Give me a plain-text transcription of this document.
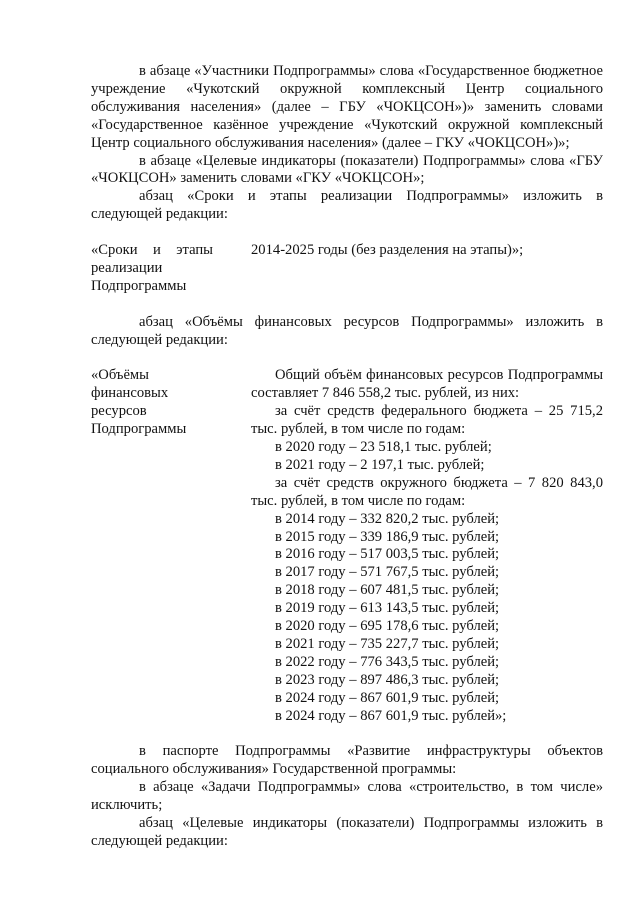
в абзаце «Участники Подпрограммы» слова «Государственное бюджетное учреждение «Чукотский окружной комплексный Центр социального обслуживания населения» (далее – ГБУ «ЧОКЦСОН»)» заменить словами «Государственное казённое учреждение «Чукотский окружной комплексный Центр социального обслуживания населения» (далее – ГКУ «ЧОКЦСОН»)»;

в абзаце «Целевые индикаторы (показатели) Подпрограммы» слова «ГБУ «ЧОКЦСОН» заменить словами «ГКУ «ЧОКЦСОН»;

абзац «Сроки и этапы реализации Подпрограммы» изложить в следующей редакции:

«Сроки и этапы
реализации
Подпрограммы
2014-2025 годы (без разделения на этапы)»;

абзац «Объёмы финансовых ресурсов Подпрограммы» изложить в следующей редакции:

«Объёмы
финансовых
ресурсов
Подпрограммы
Общий объём финансовых ресурсов Подпрограммы составляет 7 846 558,2 тыс. рублей, из них:
за счёт средств федерального бюджета – 25 715,2 тыс. рублей, в том числе по годам:
в 2020 году – 23 518,1 тыс. рублей;
в 2021 году – 2 197,1 тыс. рублей;
за счёт средств окружного бюджета – 7 820 843,0 тыс. рублей, в том числе по годам:
в 2014 году – 332 820,2 тыс. рублей;
в 2015 году – 339 186,9 тыс. рублей;
в 2016 году – 517 003,5 тыс. рублей;
в 2017 году – 571 767,5 тыс. рублей;
в 2018 году – 607 481,5 тыс. рублей;
в 2019 году – 613 143,5 тыс. рублей;
в 2020 году – 695 178,6 тыс. рублей;
в 2021 году – 735 227,7 тыс. рублей;
в 2022 году – 776 343,5 тыс. рублей;
в 2023 году – 897 486,3 тыс. рублей;
в 2024 году – 867 601,9 тыс. рублей;
в 2024 году – 867 601,9 тыс. рублей»;

в паспорте Подпрограммы «Развитие инфраструктуры объектов социального обслуживания» Государственной программы:

в абзаце «Задачи Подпрограммы» слова «строительство, в том числе» исключить;

абзац «Целевые индикаторы (показатели) Подпрограммы изложить в следующей редакции:
